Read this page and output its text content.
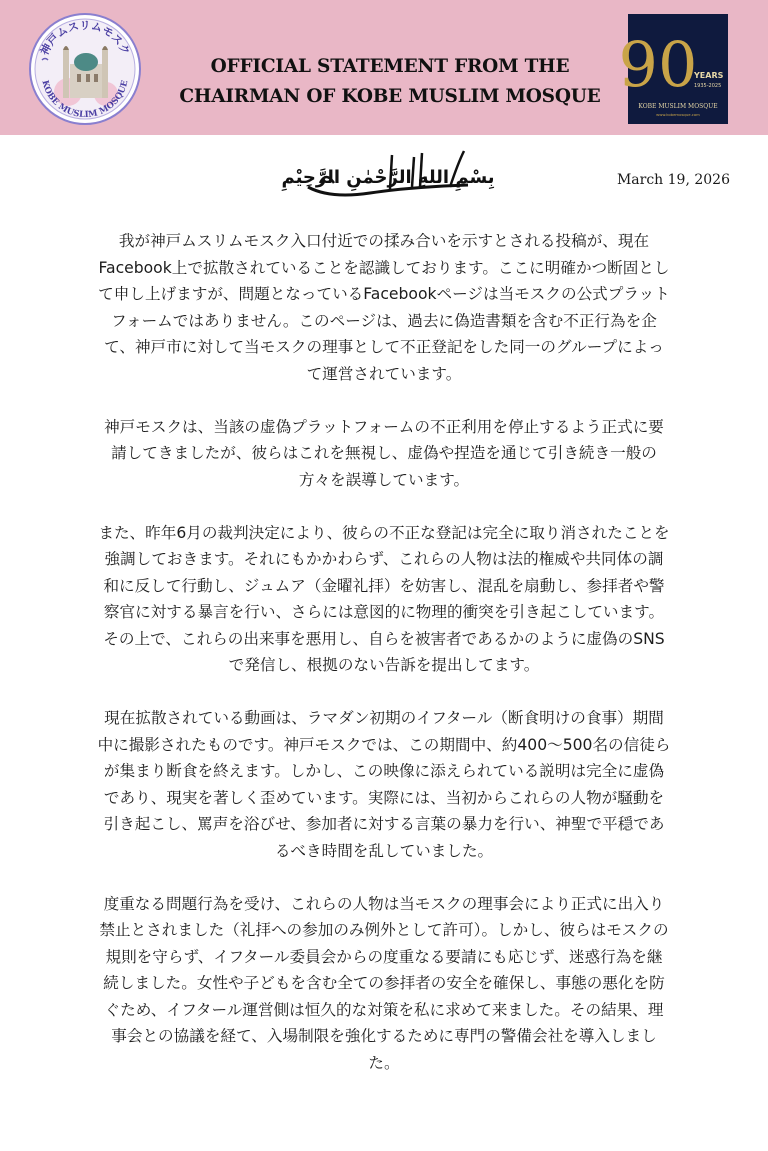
神戸ムスリムモスク
KOBE MUSLIM MOSQUE
OFFICIAL STATEMENT FROM THE
CHAIRMAN OF KOBE MUSLIM MOSQUE 90
YEARS
1935-2025
KOBE MUSLIM MOSQUE
www.kobemosque.com
بِسْمِ اللهِ الرَّحْمٰنِ الرَّحِيْمِ	March 19, 2026
我が神戸ムスリムモスク入口付近での揉み合いを示すとされる投稿が、現在
Facebook上で拡散されていることを認識しております。ここに明確かつ断固とし
て申し上げますが、問題となっているFacebookページは当モスクの公式プラット
フォームではありません。このページは、過去に偽造書類を含む不正行為を企
て、神戸市に対して当モスクの理事として不正登記をした同一のグループによっ
て運営されています。
神戸モスクは、当該の虚偽プラットフォームの不正利用を停止するよう正式に要
請してきましたが、彼らはこれを無視し、虚偽や捏造を通じて引き続き一般の
方々を誤導しています。
また、昨年6月の裁判決定により、彼らの不正な登記は完全に取り消されたことを
強調しておきます。それにもかかわらず、これらの人物は法的権威や共同体の調
和に反して行動し、ジュムア（金曜礼拝）を妨害し、混乱を扇動し、参拝者や警
察官に対する暴言を行い、さらには意図的に物理的衝突を引き起こしています。
その上で、これらの出来事を悪用し、自らを被害者であるかのように虚偽のSNS
で発信し、根拠のない告訴を提出してます。
現在拡散されている動画は、ラマダン初期のイフタール（断食明けの食事）期間
中に撮影されたものです。神戸モスクでは、この期間中、約400〜500名の信徒ら
が集まり断食を終えます。しかし、この映像に添えられている説明は完全に虚偽
であり、現実を著しく歪めています。実際には、当初からこれらの人物が騒動を
引き起こし、罵声を浴びせ、参加者に対する言葉の暴力を行い、神聖で平穏であ
るべき時間を乱していました。
度重なる問題行為を受け、これらの人物は当モスクの理事会により正式に出入り
禁止とされました（礼拝への参加のみ例外として許可）。しかし、彼らはモスクの
規則を守らず、イフタール委員会からの度重なる要請にも応じず、迷惑行為を継
続しました。女性や子どもを含む全ての参拝者の安全を確保し、事態の悪化を防
ぐため、イフタール運営側は恒久的な対策を私に求めて来ました。その結果、理
事会との協議を経て、入場制限を強化するために専門の警備会社を導入しまし
た。
